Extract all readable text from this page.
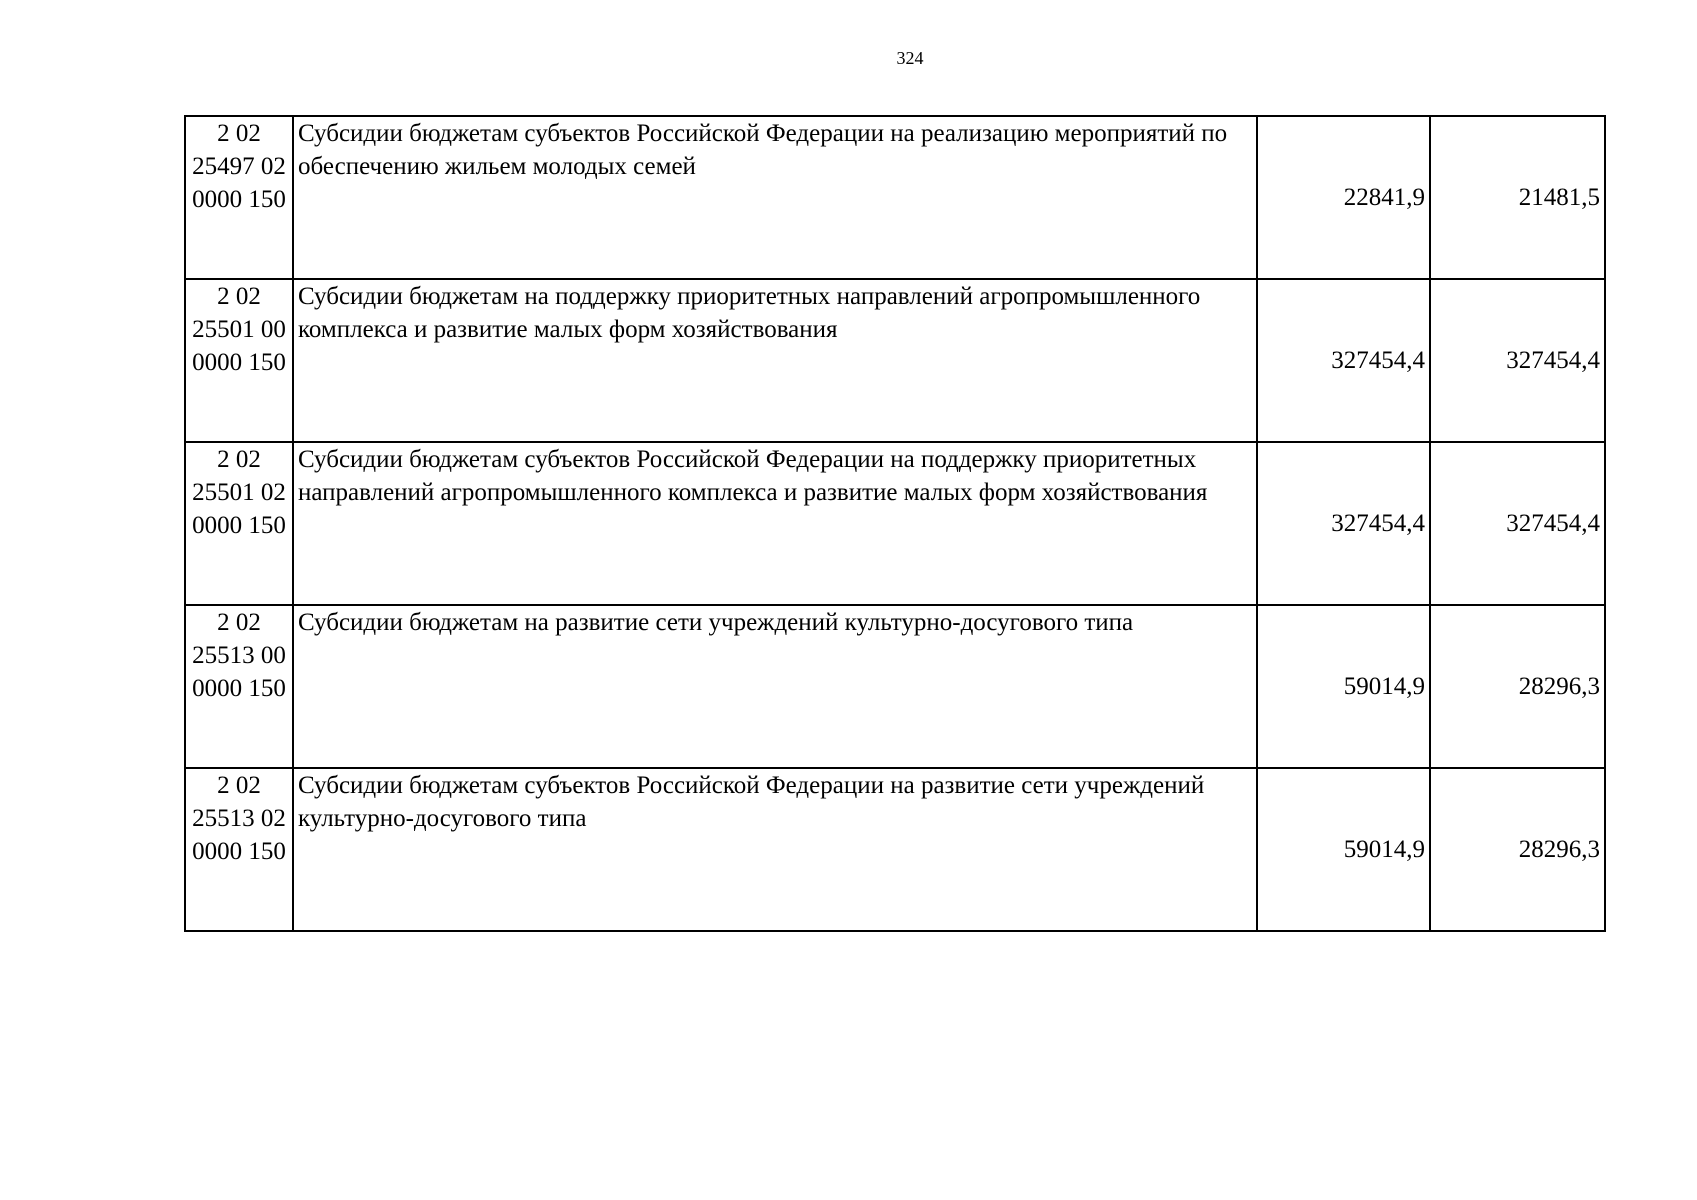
324
2 02
25497 02
0000 150	Субсидии бюджетам субъектов Российской Федерации на реализацию мероприятий по обеспечению жильем молодых семей	22841,9	21481,5

2 02
25501 00
0000 150	Субсидии бюджетам на поддержку приоритетных направлений агропромышленного комплекса и развитие малых форм хозяйствования	327454,4	327454,4

2 02
25501 02
0000 150	Субсидии бюджетам субъектов Российской Федерации на поддержку приоритетных направлений агропромышленного комплекса и развитие малых форм хозяйствования	327454,4	327454,4

2 02
25513 00
0000 150	Субсидии бюджетам на развитие сети учреждений культурно-досугового типа	59014,9	28296,3

2 02
25513 02
0000 150	Субсидии бюджетам субъектов Российской Федерации на развитие сети учреждений культурно-досугового типа	59014,9	28296,3
